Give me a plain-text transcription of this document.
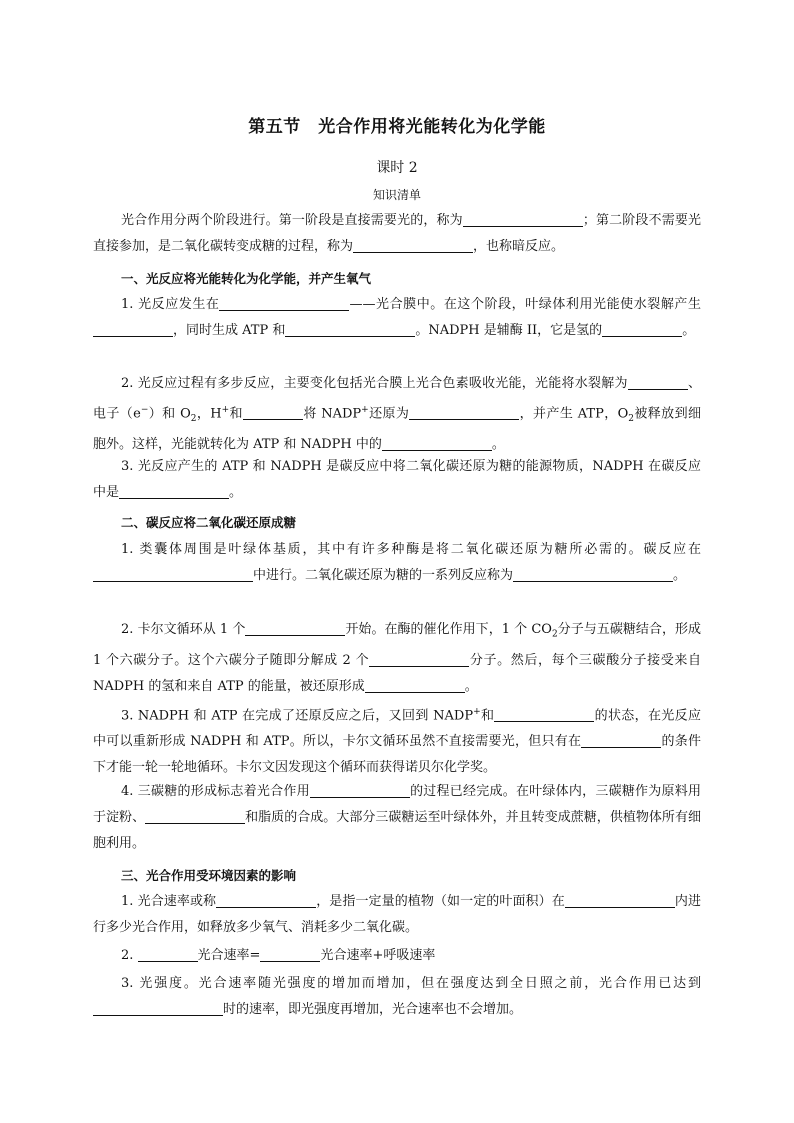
第五节　光合作用将光能转化为化学能
课时 2
知识清单
光合作用分两个阶段进行。第一阶段是直接需要光的，称为	；第二阶段不需要光直接参加，是二氧化碳转变成糖的过程，称为	，也称暗反应。
一、光反应将光能转化为化学能，并产生氧气
1. 光反应发生在	——光合膜中。在这个阶段，叶绿体利用光能使水裂解产生，同时生成 ATP 和	。NADPH 是辅酶 II，它是氢的	。
2. 光反应过程有多步反应，主要变化包括光合膜上光合色素吸收光能，光能将水裂解为	、电子（e−）和 $O_2$，H+和	将 NADP+还原为	，并产生 ATP，$O_2$被释放到细胞外。这样，光能就转化为 ATP 和 NADPH 中的	。
3. 光反应产生的 ATP 和 NADPH 是碳反应中将二氧化碳还原为糖的能源物质，NADPH 在碳反应中是	。
二、碳反应将二氧化碳还原成糖
1. 类囊体周围是叶绿体基质，其中有许多种酶是将二氧化碳还原为糖所必需的。碳反应在中进行。二氧化碳还原为糖的一系列反应称为	。
2. 卡尔文循环从 1 个	开始。在酶的催化作用下，1 个 $CO_2$分子与五碳糖结合，形成 1 个六碳分子。这个六碳分子随即分解成 2 个	分子。然后，每个三碳酸分子接受来自 NADPH 的氢和来自 ATP 的能量，被还原形成	。
3. NADPH 和 ATP 在完成了还原反应之后，又回到 NADP+和	的状态，在光反应中可以重新形成 NADPH 和 ATP。所以，卡尔文循环虽然不直接需要光，但只有在	的条件下才能一轮一轮地循环。卡尔文因发现这个循环而获得诺贝尔化学奖。
4. 三碳糖的形成标志着光合作用	的过程已经完成。在叶绿体内，三碳糖作为原料用于淀粉、	和脂质的合成。大部分三碳糖运至叶绿体外，并且转变成蔗糖，供植物体所有细胞利用。
三、光合作用受环境因素的影响
1. 光合速率或称	，是指一定量的植物（如一定的叶面积）在	内进行多少光合作用，如释放多少氧气、消耗多少二氧化碳。
2.	光合速率=	光合速率+呼吸速率
3. 光强度。光合速率随光强度的增加而增加，但在强度达到全日照之前，光合作用已达到时的速率，即光强度再增加，光合速率也不会增加。
